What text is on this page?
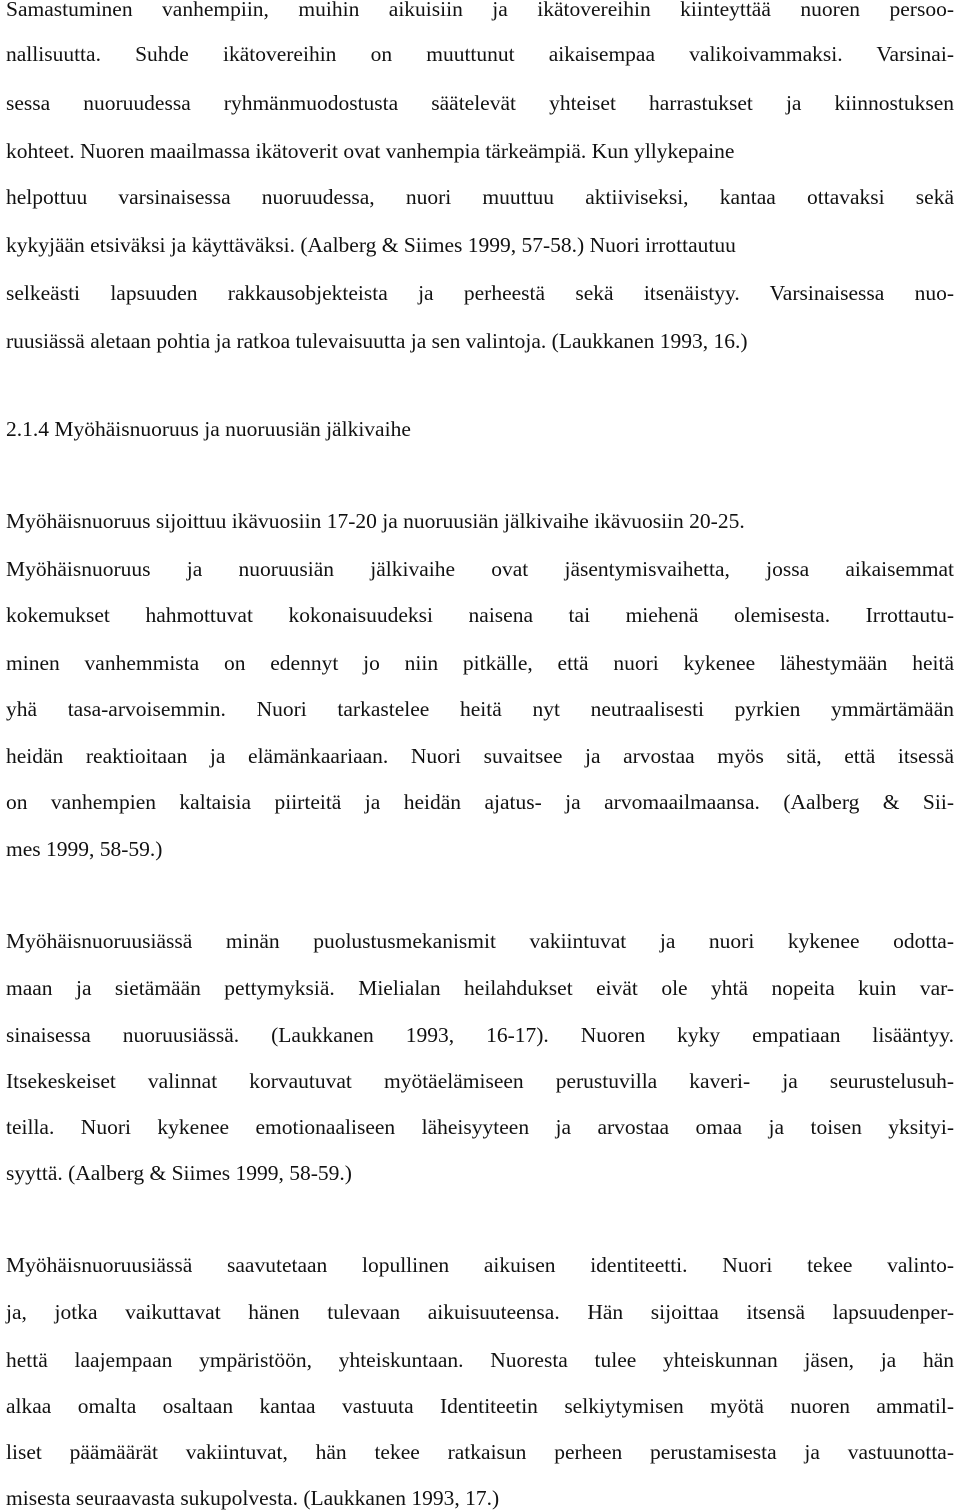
Samastuminen vanhempiin, muihin aikuisiin ja ikätovereihin kiinteyttää nuoren persoo-

nallisuutta. Suhde ikätovereihin on muuttunut aikaisempaa valikoivammaksi. Varsinai-

sessa nuoruudessa ryhmänmuodostusta säätelevät yhteiset harrastukset ja kiinnostuksen

kohteet. Nuoren maailmassa ikätoverit ovat vanhempia tärkeämpiä. Kun yllykepaine

helpottuu varsinaisessa nuoruudessa, nuori muuttuu aktiiviseksi, kantaa ottavaksi sekä

kykyjään etsiväksi ja käyttäväksi. (Aalberg & Siimes 1999, 57-58.) Nuori irrottautuu

selkeästi lapsuuden rakkausobjekteista ja perheestä sekä itsenäistyy. Varsinaisessa nuo-

ruusiässä aletaan pohtia ja ratkoa tulevaisuutta ja sen valintoja. (Laukkanen 1993, 16.)

2.1.4 Myöhäisnuoruus ja nuoruusiän jälkivaihe

Myöhäisnuoruus sijoittuu ikävuosiin 17-20 ja nuoruusiän jälkivaihe ikävuosiin 20-25.

Myöhäisnuoruus ja nuoruusiän jälkivaihe ovat jäsentymisvaihetta, jossa aikaisemmat

kokemukset hahmottuvat kokonaisuudeksi naisena tai miehenä olemisesta. Irrottautu-

minen vanhemmista on edennyt jo niin pitkälle, että nuori kykenee lähestymään heitä

yhä tasa-arvoisemmin. Nuori tarkastelee heitä nyt neutraalisesti pyrkien ymmärtämään

heidän reaktioitaan ja elämänkaariaan. Nuori suvaitsee ja arvostaa myös sitä, että itsessä

on vanhempien kaltaisia piirteitä ja heidän ajatus- ja arvomaailmaansa. (Aalberg & Sii-

mes 1999, 58-59.)

Myöhäisnuoruusiässä minän puolustusmekanismit vakiintuvat ja nuori kykenee odotta-

maan ja sietämään pettymyksiä. Mielialan heilahdukset eivät ole yhtä nopeita kuin var-

sinaisessa nuoruusiässä. (Laukkanen 1993, 16-17). Nuoren kyky empatiaan lisääntyy.

Itsekeskeiset valinnat korvautuvat myötäelämiseen perustuvilla kaveri- ja seurustelusuh-

teilla. Nuori kykenee emotionaaliseen läheisyyteen ja arvostaa omaa ja toisen yksityi-

syyttä. (Aalberg & Siimes 1999, 58-59.)

Myöhäisnuoruusiässä saavutetaan lopullinen aikuisen identiteetti. Nuori tekee valinto-

ja, jotka vaikuttavat hänen tulevaan aikuisuuteensa. Hän sijoittaa itsensä lapsuudenper-

hettä laajempaan ympäristöön, yhteiskuntaan. Nuoresta tulee yhteiskunnan jäsen, ja hän

alkaa omalta osaltaan kantaa vastuuta Identiteetin selkiytymisen myötä nuoren ammatil-

liset päämäärät vakiintuvat, hän tekee ratkaisun perheen perustamisesta ja vastuunotta-

misesta seuraavasta sukupolvesta. (Laukkanen 1993, 17.)
